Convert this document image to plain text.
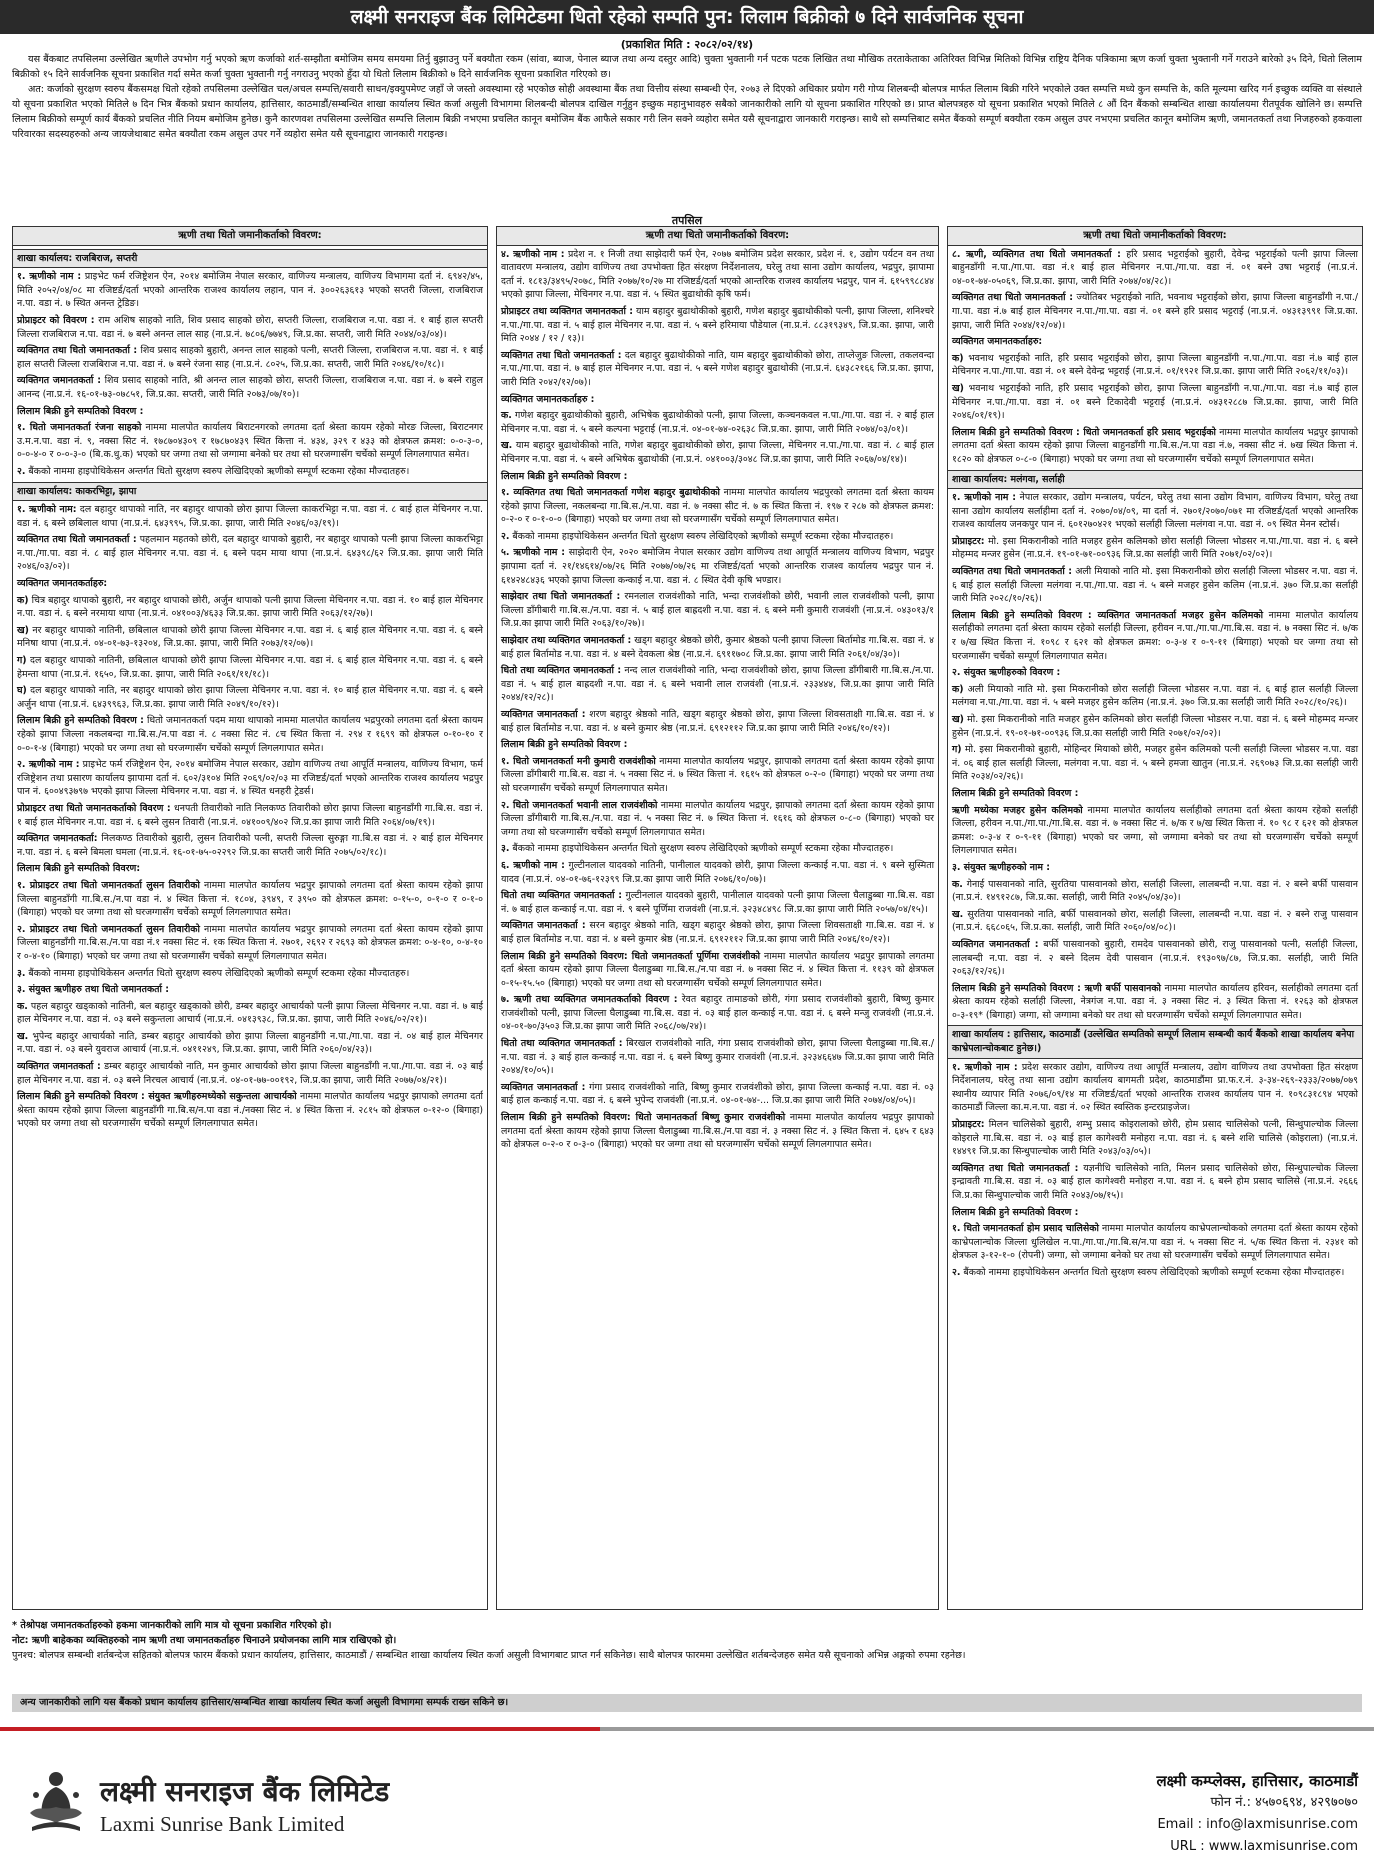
लक्ष्मी सनराइज बैंक लिमिटेडमा धितो रहेको सम्पति पुन: लिलाम बिक्रीको ७ दिने सार्वजनिक सूचना
(प्रकाशित मिति : २०८२/०२/१४)

यस बैंकबाट तपसिलमा उल्लेखित ऋणीले उपभोग गर्नु भएको ऋण कर्जाको शर्त-सम्झौता बमोजिम समय समयमा तिर्नु बुझाउनु पर्ने बक्यौता रकम (सांवा, ब्याज, पेनाल ब्याज तथा अन्य दस्तुर आदि) चुक्ता भुक्तानी गर्न पटक पटक लिखित तथा मौखिक तरताकेताका अतिरिक्त विभिन्न मितिको विभिन्न राष्ट्रिय दैनिक पत्रिकामा ऋण कर्जा चुक्ता भुक्तानी गर्ने गराउने बारेको ३५ दिने, धितो लिलाम बिक्रीको १५ दिने सार्वजनिक सूचना प्रकाशित गर्दा समेत कर्जा चुक्ता भुक्तानी गर्नु नगराउनु भएको हुँदा यो धितो लिलाम बिक्रीको ७ दिने सार्वजनिक सूचना प्रकाशित गरिएको छ।

अत: कर्जाको सुरक्षण स्वरुप बैंकसमक्ष धितो रहेको तपसिलमा उल्लेखित चल/अचल सम्पत्ति/सवारी साधन/इक्युपमेण्ट जहाँ जे जस्तो अवस्थामा रहे भएकोछ सोही अवस्थामा बैंक तथा वित्तीय संस्था सम्बन्धी ऐन, २०७३ ले दिएको अधिकार प्रयोग गरी गोप्य शिलबन्दी बोलपत्र मार्फत लिलाम बिक्री गरिने भएकोले उक्त सम्पत्ति मध्ये कुन सम्पत्ति के, कति मूल्यमा खरिद गर्न इच्छुक व्यक्ति वा संस्थाले यो सूचना प्रकाशित भएको मितिले ७ दिन भित्र बैंकको प्रधान कार्यालय, हात्तिसार, काठमाडौं/सम्बन्धित शाखा कार्यालय स्थित कर्जा असुली विभागमा शिलबन्दी बोलपत्र दाखिल गर्नुहुन इच्छुक महानुभावहरु सबैको जानकारीको लागि यो सूचना प्रकाशित गरिएको छ। प्राप्त बोलपत्रहरु यो सूचना प्रकाशित भएको मितिले ८ औं दिन बैंकको सम्बन्धित शाखा कार्यालयमा रीतपूर्वक खोलिने छ। सम्पत्ति लिलाम बिक्रीको सम्पूर्ण कार्य बैंकको प्रचलित नीति नियम बमोजिम हुनेछ। कुनै कारणवश तपसिलमा उल्लेखित सम्पत्ति लिलाम बिक्री नभएमा प्रचलित कानून बमोजिम बैंक आफैले सकार गरी लिन सक्ने व्यहोरा समेत यसै सूचनाद्वारा जानकारी गराइन्छ। साथै सो सम्पत्तिबाट समेत बैंकको सम्पूर्ण बक्यौता रकम असुल उपर नभएमा प्रचलित कानून बमोजिम ऋणी, जमानतकर्ता तथा निजहरुको हकवाला परिवारका सदस्यहरुको अन्य जायजेथाबाट समेत बक्यौता रकम असुल उपर गर्ने व्यहोरा समेत यसै सूचनाद्वारा जानकारी गराइन्छ।

तपसिल
ऋणी तथा धितो जमानीकर्ताको विवरण:
शाखा कार्यालय: राजबिराज, सप्तरी
१. ऋणीको नाम : प्राइभेट फर्म रजिष्ट्रेशन ऐन, २०१४ बमोजिम नेपाल सरकार, वाणिज्य मन्त्रालय, वाणिज्य विभागमा दर्ता नं. ६९४२/४५, मिति २०५२/०४/०८ मा रजिष्टर्ड/दर्ता भएको आन्तरिक राजश्व कार्यालय लहान, पान नं. ३००२६३६१३ भएको सप्तरी जिल्ला, राजबिराज न.पा. वडा नं. ७ स्थित अनन्त ट्रेडिङ।
प्रोप्राइटर को विवरण : राम अशिष साहको नाति, शिव प्रसाद साहको छोरा, सप्तरी जिल्ला, राजबिराज न.पा. वडा नं. १ बाई हाल सप्तरी जिल्ला राजबिराज न.पा. वडा नं. ७ बस्ने अनन्त लाल साह (ना.प्र.नं. ७८०६/७७४९, जि.प्र.का. सप्तरी, जारी मिति २०४४/०३/०४)।
व्यक्तिगत तथा धितो जमानतकर्ता : शिव प्रसाद साहको बुहारी, अनन्त लाल साहको पत्नी, सप्तरी जिल्ला, राजबिराज न.पा. वडा नं. १ बाई हाल सप्तरी जिल्ला राजबिराज न.पा. वडा नं. ७ बस्ने रंजना साह (ना.प्र.नं. ८०२५, जि.प्र.का. सप्तरी, जारी मिति २०४६/१०/१८)।
व्यक्तिगत जमानतकर्ता : शिव प्रसाद साहको नाति, श्री अनन्त लाल साहको छोरा, सप्तरी जिल्ला, राजबिराज न.पा. वडा नं. ७ बस्ने राहुल आनन्द (ना.प्र.नं. १६-०१-७३-०७८५१, जि.प्र.का. सप्तरी, जारी मिति २०७३/०७/१०)।
लिलाम बिक्री हुने सम्पतिको विवरण :
१. धितो जमानतकर्ता रंजना साहको नाममा मालपोत कार्यालय बिराटनगरको लगतमा दर्ता श्रेस्ता कायम रहेको मोरङ जिल्ला, बिराटनगर उ.म.न.पा. वडा नं. ९, नक्सा सिट नं. १७८७०४३०९ र १७८७०४३९ स्थित कित्ता नं. ४३४, ३२९ र ४३३ को क्षेत्रफल क्रमश: ०-०-३-०, ०-०-४-० र ०-०-३-० (बि.क.धु.क) भएको घर जग्गा तथा सो जग्गामा बनेको घर तथा सो घरजग्गासँग चर्चेको सम्पूर्ण लिगलगापात समेत।
२. बैंकको नाममा हाइपोथिकेसन अन्तर्गत धितो सुरक्षण स्वरुप लेखिदिएको ऋणीको सम्पूर्ण स्टकमा रहेका मौज्दातहरु।
शाखा कार्यालय: काकरभिट्टा, झापा
१. ऋणीको नाम: दल बहादुर थापाको नाति, नर बहादुर थापाको छोरा झापा जिल्ला काकरभिट्टा न.पा. वडा नं. ८ बाई हाल मेचिनगर न.पा. वडा नं. ६ बस्ने छबिलाल थापा (ना.प्र.नं. ६४३९९५, जि.प्र.का. झापा, जारी मिति २०४६/०३/१९)।
व्यक्तिगत तथा धितो जमानतकर्ता : पहलमान महतको छोरी, दल बहादुर थापाको बुहारी, नर बहादुर थापाको पत्नी झापा जिल्ला काकरभिट्टा न.पा./गा.पा. वडा नं. ८ बाई हाल मेचिनगर न.पा. वडा नं. ६ बस्ने पदम माया थापा (ना.प्र.नं. ६४३९८/६२ जि.प्र.का. झापा जारी मिति २०४६/०३/०२)।
व्यक्तिगत जमानतकर्ताहरु:
क) चित्र बहादुर थापाको बुहारी, नर बहादुर थापाको छोरी, अर्जुन थापाको पत्नी झापा जिल्ला मेचिनगर न.पा. वडा नं. १० बाई हाल मेचिनगर न.पा. वडा नं. ६ बस्ने नरमाया थापा (ना.प्र.नं. ०४१००३/४६३३ जि.प्र.का. झापा जारी मिति २०६३/१२/२७)।
ख) नर बहादुर थापाको नातिनी, छबिलाल थापाको छोरी झापा जिल्ला मेचिनगर न.पा. वडा नं. ६ बाई हाल मेचिनगर न.पा. वडा नं. ६ बस्ने मनिषा थापा (ना.प्र.नं. ०४-०१-७३-१३२०४, जि.प्र.का. झापा, जारी मिति २०७३/१२/०७)।
ग) दल बहादुर थापाको नातिनी, छबिलाल थापाको छोरी झापा जिल्ला मेचिनगर न.पा. वडा नं. ६ बाई हाल मेचिनगर न.पा. वडा नं. ६ बस्ने हेमन्ता थापा (ना.प्र.नं. १६५०, जि.प्र.का. झापा, जारी मिति २०६१/११/१८)।
घ) दल बहादुर थापाको नाति, नर बहादुर थापाको छोरा झापा जिल्ला मेचिनगर न.पा. वडा नं. १० बाई हाल मेचिनगर न.पा. वडा नं. ६ बस्ने अर्जुन थापा (ना.प्र.नं. ६४३९९६३, जि.प्र.का. झापा जारी मिति २०४९/१०/१२)।
लिलाम बिक्री हुने सम्पतिको विवरण : धितो जमानतकर्ता पदम माया थापाको नाममा मालपोत कार्यालय भद्रपुरको लगतमा दर्ता श्रेस्ता कायम रहेको झापा जिल्ला नकलबन्दा गा.बि.स./न.पा वडा नं. ८ नक्सा सिट नं. ८च स्थित कित्ता नं. २९४ र १६९९ को क्षेत्रफल ०-१०-१० र ०-०-१-४ (बिगाहा) भएको घर जग्गा तथा सो घरजग्गासँग चर्चेको सम्पूर्ण लिगलगापात समेत।
२. ऋणीको नाम : प्राइभेट फर्म रजिष्ट्रेशन ऐन, २०१४ बमोजिम नेपाल सरकार, उद्योग वाणिज्य तथा आपूर्ति मन्त्रालय, वाणिज्य विभाग, फर्म रजिष्ट्रेशन तथा प्रसारण कार्यालय झापामा दर्ता नं. ६०२/३१०४ मिति २०६९/०२/०३ मा रजिष्टर्ड/दर्ता भएको आन्तरिक राजश्व कार्यालय भद्रपुर पान नं. ६००४९३७९७ भएको झापा जिल्ला मेचिनगर न.पा. वडा नं. ४ स्थित धनहरी ट्रेडर्स।
प्रोप्राइटर तथा धितो जमानतकर्ताको विवरण : धनपती तिवारीको नाति निलकण्ठ तिवारीको छोरा झापा जिल्ला बाहुनडाँगी गा.बि.स. वडा नं. १ बाई हाल मेचिनगर न.पा. वडा नं. ६ बस्ने लुसन तिवारी (ना.प्र.नं. ०४१००९/४०२ जि.प्र.का झापा जारी मिति २०६४/०७/१९)।
व्यक्तिगत जमानतकर्ता: निलकण्ठ तिवारीको बुहारी, लुसन तिवारीको पत्नी, सप्तरी जिल्ला सुरुङ्गा गा.बि.स वडा नं. २ बाई हाल मेचिनगर न.पा. वडा नं. ६ बस्ने बिमला घमला (ना.प्र.नं. १६-०१-७५-०२२९२ जि.प्र.का सप्तरी जारी मिति २०७५/०२/१८)।
लिलाम बिक्री हुने सम्पतिको विवरण:
१. प्रोप्राइटर तथा धितो जमानतकर्ता लुसन तिवारीको नाममा मालपोत कार्यालय भद्रपुर झापाको लगतमा दर्ता श्रेस्ता कायम रहेको झापा जिल्ला बाहुनडाँगी गा.बि.स./न.पा वडा नं. ४ स्थित कित्ता नं. १८०४, ३९४९, र ३९५० को क्षेत्रफल क्रमश: ०-१५-०, ०-१-० र ०-१-० (बिगाहा) भएको घर जग्गा तथा सो घरजग्गासँग चर्चेको सम्पूर्ण लिगलगापात समेत।
२. प्रोप्राइटर तथा धितो जमानतकर्ता लुसन तिवारीको नाममा मालपोत कार्यालय भद्रपुर झापाको लगतमा दर्ता श्रेस्ता कायम रहेको झापा जिल्ला बाहुनडाँगी गा.बि.स./न.पा वडा नं.१ नक्सा सिट नं. १क स्थित कित्ता नं. २७०१, २६९२ र २६९३ को क्षेत्रफल क्रमश: ०-४-१०, ०-४-१० र ०-४-१० (बिगाहा) भएको घर जग्गा तथा सो घरजग्गासँग चर्चेको सम्पूर्ण लिगलगापात समेत।
३. बैंकको नाममा हाइपोथिकेसन अन्तर्गत धितो सुरक्षण स्वरुप लेखिदिएको ऋणीको सम्पूर्ण स्टकमा रहेका मौज्दातहरु।
३. संयुक्त ऋणीहरु तथा धितो जमानतकर्ता :
क. पहल बहादुर खड्काको नातिनी, बल बहादुर खड्काको छोरी, डम्बर बहादुर आचार्यको पत्नी झापा जिल्ला मेचिनगर न.पा. वडा नं. ७ बाई हाल मेचिनगर न.पा. वडा नं. ०३ बस्ने सकुन्तला आचार्य (ना.प्र.नं. ०४१३९३८, जि.प्र.का. झापा, जारी मिति २०४६/०२/२१)।
ख. भुपेन्द बहादुर आचार्यको नाति, डम्बर बहादुर आचार्यको छोरा झापा जिल्ला बाहुनडाँगी न.पा./गा.पा. वडा नं. ०४ बाई हाल मेचिनगर न.पा. वडा नं. ०३ बस्ने युवराज आचार्य (ना.प्र.नं. ०४११२४९, जि.प्र.का. झापा, जारी मिति २०६०/०४/२३)।
व्यक्तिगत जमानतकर्ता : डम्बर बहादुर आचार्यको नाति, मन कुमार आचार्यको छोरा झापा जिल्ला बाहुनडाँगी न.पा./गा.पा. वडा नं. ०३ बाई हाल मेचिनगर न.पा. वडा नं. ०३ बस्ने निरचल आचार्य (ना.प्र.नं. ०४-०१-७७-००१९२, जि.प्र.का झापा, जारी मिति २०७७/०४/२१)।
लिलाम बिक्री हुने सम्पतिको विवरण : संयुक्त ऋणीहरुमध्येको सकुन्तला आचार्यको नाममा मालपोत कार्यालय भद्रपुर झापाको लगतमा दर्ता श्रेस्ता कायम रहेको झापा जिल्ला बाहुनडाँगी गा.बि.स/न.पा वडा नं./नक्सा सिट नं. ४ स्थित कित्ता नं. २८१५ को क्षेत्रफल ०-१२-० (बिगाहा) भएको घर जग्गा तथा सो घरजग्गासँग चर्चेको सम्पूर्ण लिगलगापात समेत।
ऋणी तथा धितो जमानीकर्ताको विवरण:
४. ऋणीको नाम : प्रदेश न. १ निजी तथा साझेदारी फर्म ऐन, २०७७ बमोजिम प्रदेश सरकार, प्रदेश नं. १, उद्योग पर्यटन वन तथा वातावरण मन्त्रालय, उद्योग वाणिज्य तथा उपभोक्ता हित संरक्षण निर्देशनालय, घरेलु तथा साना उद्योग कार्यालय, भद्रपुर, झापामा दर्ता नं. १८१३/३४९५/२०७८, मिति २०७७/१०/२७ मा रजिष्टर्ड/दर्ता भएको आन्तरिक राजश्व कार्यालय भद्रपुर, पान नं. ६१५९९८८४४ भएको झापा जिल्ला, मेचिनगर न.पा. वडा नं. ५ स्थित बुढाथोकी कृषि फर्म।
प्रोप्राइटर तथा व्यक्तिगत जमानतकर्ता : याम बहादुर बुढाथोकीको बुहारी, गणेश बहादुर बुढाथोकीको पत्नी, झापा जिल्ला, शनिश्चरे न.पा./गा.पा. वडा नं. ५ बाई हाल मेचिनगर न.पा. वडा नं. ५ बस्ने हरिमाया पौडेयाल (ना.प्र.नं. ८८३१९३४९, जि.प्र.का. झापा, जारी मिति २०४४ / १२ / १३)।
व्यक्तिगत तथा धितो जमानतकर्ता : दल बहादुर बुढाथोकीको नाति, याम बहादुर बुढाथोकीको छोरा, ताप्लेजुङ जिल्ला, तकलवन्दा न.पा./गा.पा. वडा नं. ७ बाई हाल मेचिनगर न.पा. वडा नं. ५ बस्ने गणेश बहादुर बुढाथोकी (ना.प्र.नं. ६४३८२१६६ जि.प्र.का. झापा, जारी मिति २०४२/१२/०७)।
व्यक्तिगत जमानतकर्ताहरु :
क. गणेश बहादुर बुढाथोकीको बुहारी, अभिषेक बुढाथोकीको पत्नी, झापा जिल्ला, कञ्चनकवल न.पा./गा.पा. वडा नं. २ बाई हाल मेचिनगर न.पा. वडा नं. ५ बस्ने कल्पना भट्टराई (ना.प्र.नं. ०४-०१-७४-०२६३८ जि.प्र.का. झापा, जारी मिति २०७४/०३/०१)।
ख. याम बहादुर बुढाथोकीको नाति, गणेश बहादुर बुढाथोकीको छोरा, झापा जिल्ला, मेचिनगर न.पा./गा.पा. वडा नं. ८ बाई हाल मेचिनगर न.पा. वडा नं. ५ बस्ने अभिषेक बुढाथोकी (ना.प्र.नं. ०४१००३/३०४८ जि.प्र.का झापा, जारी मिति २०६७/०४/१४)।
लिलाम बिक्री हुने सम्पतिको विवरण :
१. व्यक्तिगत तथा धितो जमानतकर्ता गणेश बहादुर बुढाथोकीको नाममा मालपोत कार्यालय भद्रपुरको लगतमा दर्ता श्रेस्ता कायम रहेको झापा जिल्ला, नकलबन्दा गा.बि.स./न.पा. वडा नं. ७ नक्सा सीट नं. ७ क स्थित कित्ता नं. १९७ र २८७ को क्षेत्रफल क्रमश: ०-२-० र ०-१-०-० (बिगाहा) भएको घर जग्गा तथा सो घरजग्गासँग चर्चेको सम्पूर्ण लिगलगापात समेत।
२. बैंकको नाममा हाइपोथिकेसन अन्तर्गत धितो सुरक्षण स्वरुप लेखिदिएको ऋणीको सम्पूर्ण स्टकमा रहेका मौज्दातहरु।
५. ऋणीको नाम : साझेदारी ऐन, २०२० बमोजिम नेपाल सरकार उद्योग वाणिज्य तथा आपूर्ति मन्त्रालय वाणिज्य विभाग, भद्रपुर झापामा दर्ता नं. २१/१४६१४/०७/२६ मिति २०७७/०७/२६ मा रजिष्टर्ड/दर्ता भएको आन्तरिक राजश्व कार्यालय भद्रपुर पान नं. ६१४२४८४३६ भएको झापा जिल्ला कन्काई न.पा. वडा नं. ८ स्थित देवी कृषि भण्डार।
साझेदार तथा धितो जमानतकर्ता : रमनलाल राजवंशीको नाति, भन्दा राजवंशीको छोरी, भवानी लाल राजवंशीको पत्नी, झापा जिल्ला डाँगीबारी गा.बि.स./न.पा. वडा नं. ५ बाई हाल बाह्रदशी न.पा. वडा नं. ६ बस्ने मनी कुमारी राजवंशी (ना.प्र.नं. ०४३०१३/१ जि.प्र.का झापा जारी मिति २०६३/१०/२७)।
साझेदार तथा व्यक्तिगत जमानतकर्ता : खड्ग बहादुर श्रेष्ठको छोरी, कुमार श्रेष्ठको पत्नी झापा जिल्ला बिर्तामोड गा.बि.स. वडा नं. ४ बाई हाल बिर्तामोड न.पा. वडा नं. ४ बस्ने देवकला श्रेष्ठ (ना.प्र.नं. ६९११७०८ जि.प्र.का. झापा जारी मिति २०६१/०४/३०)।
धितो तथा व्यक्तिगत जमानतकर्ता : नन्द लाल राजवंशीको नाति, भन्दा राजवंशीको छोरा, झापा जिल्ला डाँगीबारी गा.बि.स./न.पा. वडा नं. ५ बाई हाल बाह्रदशी न.पा. वडा नं. ६ बस्ने भवानी लाल राजवंशी (ना.प्र.नं. २३३४४४, जि.प्र.का झापा जारी मिति २०४४/१२/२८)।
व्यक्तिगत जमानतकर्ता : शरण बहादुर श्रेष्ठको नाति, खड्ग बहादुर श्रेष्ठको छोरा, झापा जिल्ला शिवसताक्षी गा.बि.स. वडा नं. ४ बाई हाल बिर्तामोड न.पा. वडा नं. ४ बस्ने कुमार श्रेष्ठ (ना.प्र.नं. ६९१२११२ जि.प्र.का झापा जारी मिति २०४६/१०/१२)।
लिलाम बिक्री हुने सम्पतिको विवरण :
१. धितो जमानतकर्ता मनी कुमारी राजवंशीको नाममा मालपोत कार्यालय भद्रपुर, झापाको लगतमा दर्ता श्रेस्ता कायम रहेको झापा जिल्ला डाँगीबारी गा.बि.स. वडा नं. ५ नक्सा सिट नं. ७ स्थित कित्ता नं. १६१५ को क्षेत्रफल ०-२-० (बिगाहा) भएको घर जग्गा तथा सो घरजग्गासँग चर्चेको सम्पूर्ण लिगलगापात समेत।
२. धितो जमानतकर्ता भवानी लाल राजवंशीको नाममा मालपोत कार्यालय भद्रपुर, झापाको लगतमा दर्ता श्रेस्ता कायम रहेको झापा जिल्ला डाँगीबारी गा.बि.स./न.पा. वडा नं. ५ नक्सा सिट नं. ७ स्थित कित्ता नं. १६१६ को क्षेत्रफल ०-८-० (बिगाहा) भएको घर जग्गा तथा सो घरजग्गासँग चर्चेको सम्पूर्ण लिगलगापात समेत।
३. बैंकको नाममा हाइपोथिकेसन अन्तर्गत धितो सुरक्षण स्वरुप लेखिदिएको ऋणीको सम्पूर्ण स्टकमा रहेका मौज्दातहरु।
६. ऋणीको नाम : गुल्टीनलाल यादवको नातिनी, पानीलाल यादवको छोरी, झापा जिल्ला कन्काई न.पा. वडा नं. ९ बस्ने सुस्मिता यादव (ना.प्र.नं. ०४-०१-७६-१२३९९ जि.प्र.का झापा जारी मिति २०७६/१०/०७)।
धितो तथा व्यक्तिगत जमानतकर्ता : गुल्टीनलाल यादवको बुहारी, पानीलाल यादवको पत्नी झापा जिल्ला घैलाडुब्बा गा.बि.स. वडा नं. ७ बाई हाल कन्काई न.पा. वडा नं. ९ बस्ने पूर्णिमा राजवंशी (ना.प्र.नं. ३२३४८४९८ जि.प्र.का झापा जारी मिति २०५७/०४/१५)।
व्यक्तिगत जमानतकर्ता : सरन बहादुर श्रेष्ठको नाति, खड्ग बहादुर श्रेष्ठको छोरा, झापा जिल्ला शिवसताक्षी गा.बि.स. वडा नं. ४ बाई हाल बिर्तामोड न.पा. वडा नं. ४ बस्ने कुमार श्रेष्ठ (ना.प्र.नं. ६९१२११२ जि.प्र.का झापा जारी मिति २०४६/१०/१२)।
लिलाम बिक्री हुने सम्पतिको विवरण: धितो जमानतकर्ता पूर्णिमा राजवंशीको नाममा मालपोत कार्यालय भद्रपुर झापाको लगतमा दर्ता श्रेस्ता कायम रहेको झापा जिल्ला घैलाडुब्बा गा.बि.स./न.पा वडा नं. ७ नक्सा सिट नं. ४ स्थित कित्ता नं. ११३९ को क्षेत्रफल ०-१५-१५.५० (बिगाहा) भएको घर जग्गा तथा सो घरजग्गासँग चर्चेको सम्पूर्ण लिगलगापात समेत।
७. ऋणी तथा व्यक्तिगत जमानतकर्ताको विवरण : रेवत बहादुर तामाङको छोरी, गंगा प्रसाद राजवंशीको बुहारी, बिष्णु कुमार राजवंशीको पत्नी, झापा जिल्ला घैलाडुब्बा गा.बि.स. वडा नं. ०३ बाई हाल कन्काई न.पा. वडा नं. ६ बस्ने मन्जु राजवंशी (ना.प्र.नं. ०४-०१-७०/३५०३ जि.प्र.का झापा जारी मिति २०६८/०७/२४)।
धितो तथा व्यक्तिगत जमानतकर्ता : बिरखल राजवंशीको नाति, गंगा प्रसाद राजवंशीको छोरा, झापा जिल्ला घैलाडुब्बा गा.बि.स./न.पा. वडा नं. ३ बाई हाल कन्काई न.पा. वडा नं. ६ बस्ने बिष्णु कुमार राजवंशी (ना.प्र.नं. ३२३४६६४७ जि.प्र.का झापा जारी मिति २०४४/१०/०५)।
व्यक्तिगत जमानतकर्ता : गंगा प्रसाद राजवंशीको नाति, बिष्णु कुमार राजवंशीको छोरा, झापा जिल्ला कन्काई न.पा. वडा नं. ०३ बाई हाल कन्काई न.पा. वडा नं. ६ बस्ने भुपेन्द राजवंशी (ना.प्र.नं. ०४-०१-७४-... जि.प्र.का झापा जारी मिति २०७४/०४/०५)।
लिलाम बिक्री हुने सम्पतिको विवरण: धितो जमानतकर्ता बिष्णु कुमार राजवंशीको नाममा मालपोत कार्यालय भद्रपुर झापाको लगतमा दर्ता श्रेस्ता कायम रहेको झापा जिल्ला घैलाडुब्बा गा.बि.स./न.पा वडा नं. ३ नक्सा सिट नं. ३ स्थित कित्ता नं. ६४५ र ६४३ को क्षेत्रफल ०-२-० र ०-३-० (बिगाहा) भएको घर जग्गा तथा सो घरजग्गासँग चर्चेको सम्पूर्ण लिगलगापात समेत।
ऋणी तथा धितो जमानीकर्ताको विवरण:
८. ऋणी, व्यक्तिगत तथा धितो जमानतकर्ता : हरि प्रसाद भट्टराईको बुहारी, देवेन्द्र भट्टराईको पत्नी झापा जिल्ला बाहुनडाँगी न.पा./गा.पा. वडा नं.१ बाई हाल मेचिनगर न.पा./गा.पा. वडा नं. ०१ बस्ने उषा भट्टराई (ना.प्र.नं. ०४-०१-७४-०५०६९, जि.प्र.का. झापा, जारी मिति २०७४/०४/२८)।
व्यक्तिगत तथा धितो जमानतकर्ता : ज्योतिबर भट्टराईको नाति, भवनाथ भट्टराईको छोरा, झापा जिल्ला बाहुनडाँगी न.पा./गा.पा. वडा नं.७ बाई हाल मेचिनगर न.पा./गा.पा. वडा नं. ०१ बस्ने हरि प्रसाद भट्टराई (ना.प्र.नं. ०४३१३९९१ जि.प्र.का. झापा, जारी मिति २०४४/१२/०४)।
व्यक्तिगत जमानतकर्ताहरु:
क) भवनाथ भट्टराईको नाति, हरि प्रसाद भट्टराईको छोरा, झापा जिल्ला बाहुनडाँगी न.पा./गा.पा. वडा नं.७ बाई हाल मेचिनगर न.पा./गा.पा. वडा नं. ०१ बस्ने देवेन्द्र भट्टराई (ना.प्र.नं. ०१/१९२१ जि.प्र.का. झापा जारी मिति २०६२/११/०३)।
ख) भवनाथ भट्टराईको नाति, हरि प्रसाद भट्टराईको छोरा, झापा जिल्ला बाहुनडाँगी न.पा./गा.पा. वडा नं.७ बाई हाल मेचिनगर न.पा./गा.पा. वडा नं. ०१ बस्ने टिकादेवी भट्टराई (ना.प्र.नं. ०४३१२८८७ जि.प्र.का. झापा, जारी मिति २०४६/०१/१९)।
लिलाम बिक्री हुने सम्पतिको विवरण : धितो जमानतकर्ता हरि प्रसाद भट्टराईको नाममा मालपोत कार्यालय भद्रपुर झापाको लगतमा दर्ता श्रेस्ता कायम रहेको झापा जिल्ला बाहुनडाँगी गा.बि.स./न.पा वडा नं.७, नक्सा सीट नं. ७ख स्थित कित्ता नं. १८२० को क्षेत्रफल ०-८-० (बिगाहा) भएको घर जग्गा तथा सो घरजग्गासँग चर्चेको सम्पूर्ण लिगलगापात समेत।
शाखा कार्यालय: मलंगवा, सर्लाही
१. ऋणीको नाम : नेपाल सरकार, उद्योग मन्त्रालय, पर्यटन, घरेलु तथा साना उद्योग विभाग, वाणिज्य विभाग, घरेलु तथा साना उद्योग कार्यालय सर्लाहीमा दर्ता नं. २०७०/०४/०९, मा दर्ता नं. २७०१/२०७०/०७१ मा रजिष्टर्ड/दर्ता भएको आन्तरिक राजश्व कार्यालय जनकपुर पान नं. ६०१२७०४२१ भएको सर्लाही जिल्ला मलंगवा न.पा. वडा नं. ०९ स्थित मेनन स्टोर्स।
प्रोप्राइटर: मो. इसा मिकरानीको नाति मजहर हुसेन कलिमको छोरा सर्लाही जिल्ला भोडसर न.पा./गा.पा. वडा नं. ६ बस्ने मोहम्मद मन्जर हुसेन (ना.प्र.नं. १९-०१-७१-००९३६ जि.प्र.का सर्लाही जारी मिति २०७१/०२/०२)।
व्यक्तिगत तथा धितो जमानतकर्ता : अली मियाको नाति मो. इसा मिकरानीको छोरा सर्लाही जिल्ला भोडसर न.पा. वडा नं. ६ बाई हाल सर्लाही जिल्ला मलंगवा न.पा./गा.पा. वडा नं. ५ बस्ने मजहर हुसेन कलिम (ना.प्र.नं. ३७० जि.प्र.का सर्लाही जारी मिति २०२८/१०/२६)।
लिलाम बिक्री हुने सम्पतिको विवरण : व्यक्तिगत जमानतकर्ता मजहर हुसेन कलिमको नाममा मालपोत कार्यालय सर्लाहीको लगतमा दर्ता श्रेस्ता कायम रहेको सर्लाही जिल्ला, हरीवन न.पा./गा.पा./गा.बि.स. वडा नं. ७ नक्सा सिट नं. ७/क र ७/ख स्थित कित्ता नं. १०९८ र ६२१ को क्षेत्रफल क्रमश: ०-३-४ र ०-९-११ (बिगाहा) भएको घर जग्गा तथा सो घरजग्गासँग चर्चेको सम्पूर्ण लिगलगापात समेत।
२. संयुक्त ऋणीहरुको विवरण :
क) अली मियाको नाति मो. इसा मिकरानीको छोरा सर्लाही जिल्ला भोडसर न.पा. वडा नं. ६ बाई हाल सर्लाही जिल्ला मलंगवा न.पा./गा.पा. वडा नं. ५ बस्ने मजहर हुसेन कलिम (ना.प्र.नं. ३७० जि.प्र.का सर्लाही जारी मिति २०२८/१०/२६)।
ख) मो. इसा मिकरानीको नाति मजहर हुसेन कलिमको छोरा सर्लाही जिल्ला भोडसर न.पा. वडा नं. ६ बस्ने मोहम्मद मन्जर हुसेन (ना.प्र.नं. १९-०१-७१-००९३६ जि.प्र.का सर्लाही जारी मिति २०७१/०२/०२)।
ग) मो. इसा मिकरानीको बुहारी, मोहिन्दर मियाको छोरी, मजहर हुसेन कलिमको पत्नी सर्लाही जिल्ला भोडसर न.पा. वडा नं. ०६ बाई हाल सर्लाही जिल्ला, मलंगवा न.पा. वडा नं. ५ बस्ने हमजा खातुन (ना.प्र.नं. २६९०७३ जि.प्र.का सर्लाही जारी मिति २०३४/०२/२६)।
लिलाम बिक्री हुने सम्पतिको विवरण :
ऋणी मध्येका मजहर हुसेन कलिमको नाममा मालपोत कार्यालय सर्लाहीको लगतमा दर्ता श्रेस्ता कायम रहेको सर्लाही जिल्ला, हरीवन न.पा./गा.पा./गा.बि.स. वडा नं. ७ नक्सा सिट नं. ७/क र ७/ख स्थित कित्ता नं. १० ९८ र ६२१ को क्षेत्रफल क्रमश: ०-३-४ र ०-९-११ (बिगाहा) भएको घर जग्गा, सो जग्गामा बनेको घर तथा सो घरजग्गासँग चर्चेको सम्पूर्ण लिगलगापात समेत।
३. संयुक्त ऋणीहरुको नाम :
क. गेनाई पासवानको नाति, सुरतिया पासवानको छोरा, सर्लाही जिल्ला, लालबन्दी न.पा. वडा नं. २ बस्ने बर्फी पासवान (ना.प्र.नं. १४९१२८७, जि.प्र.का. सर्लाही, जारी मिति २०४५/०४/३०)।
ख. सुरतिया पासवानको नाति, बर्फी पासवानको छोरा, सर्लाही जिल्ला, लालबन्दी न.पा. वडा नं. २ बस्ने राजु पासवान (ना.प्र.नं. ६६८०६५, जि.प्र.का. सर्लाही, जारी मिति २०६०/०४/०८)।
व्यक्तिगत जमानतकर्ता : बर्फी पासवानको बुहारी, रामदेव पासवानको छोरी, राजु पासवानको पत्नी, सर्लाही जिल्ला, लालबन्दी न.पा. वडा नं. २ बस्ने दिलम देवी पासवान (ना.प्र.नं. १९३०९७/८७, जि.प्र.का. सर्लाही, जारी मिति २०६३/१२/२६)।
लिलाम बिक्री हुने सम्पतिको विवरण : ऋणी बर्फी पासवानको नाममा मालपोत कार्यालय हरिवन, सर्लाहीको लगतमा दर्ता श्रेस्ता कायम रहेको सर्लाही जिल्ला, नेत्रगंज न.पा. वडा नं. ३ नक्सा सिट नं. ३ स्थित कित्ता नं. १२६३ को क्षेत्रफल ०-३-१९* (बिगाहा) जग्गा, सो जग्गामा बनेको घर तथा सो घरजग्गासँग चर्चेको सम्पूर्ण लिगलगापात समेत।
शाखा कार्यालय : हात्तिसार, काठमाडौं (उल्लेखित सम्पतिको सम्पूर्ण लिलाम सम्बन्धी कार्य बैंकको शाखा कार्यालय बनेपा काभ्रेपलान्चोकबाट हुनेछ।)
१. ऋणीको नाम : प्रदेश सरकार उद्योग, वाणिज्य तथा आपूर्ति मन्त्रालय, उद्योग वाणिज्य तथा उपभोक्ता हित संरक्षण निर्देशनालय, घरेलु तथा साना उद्योग कार्यालय बागमती प्रदेश, काठमाडौंमा प्रा.फ.र.नं. ३-३४-२६९-२३३३/२०७७/०७९ स्थानीय व्यापार मिति २०७६/०९/१४ मा रजिष्टर्ड/दर्ता भएको आन्तरिक राजश्व कार्यालय पान नं. १०९८३१८९४ भएको काठमाडौं जिल्ला का.म.न.पा. वडा नं. ०२ स्थित स्वस्तिक इन्टरप्राइजेज।
प्रोप्राइटर: मिलन चालिसेको बुहारी, शम्भु प्रसाद कोइरालाको छोरी, होम प्रसाद चालिसेको पत्नी, सिन्धुपाल्चोक जिल्ला कोइराले गा.बि.स. वडा नं. ०३ बाई हाल कागेश्वरी मनोहरा न.पा. वडा नं. ६ बस्ने शशि चालिसे (कोइराला) (ना.प्र.नं. १४४९१ जि.प्र.का सिन्धुपाल्चोक जारी मिति २०४३/०३/०५)।
व्यक्तिगत तथा धितो जमानतकर्ता : यज्ञनीधि चालिसेको नाति, मिलन प्रसाद चालिसेको छोरा, सिन्धुपाल्चोक जिल्ला इन्द्रावती गा.बि.स. वडा नं. ०३ बाई हाल कागेश्वरी मनोहरा न.पा. वडा नं. ६ बस्ने होम प्रसाद चालिसे (ना.प्र.नं. २६६६ जि.प्र.का सिन्धुपाल्चोक जारी मिति २०४३/०७/१५)।
लिलाम बिक्री हुने सम्पतिको विवरण :
१. धितो जमानतकर्ता होम प्रसाद चालिसेको नाममा मालपोत कार्यालय काभ्रेपलान्चोकको लगतमा दर्ता श्रेस्ता कायम रहेको काभ्रेपलान्चोक जिल्ला धुलिखेल न.पा./गा.पा./गा.बि.स/न.पा वडा नं. ५ नक्सा सिट नं. ५/क स्थित कित्ता नं. २३४१ को क्षेत्रफल ३-१२-१-० (रोपनी) जग्गा, सो जग्गामा बनेको घर तथा सो घरजग्गासँग चर्चेको सम्पूर्ण लिगलगापात समेत।
२. बैंकको नाममा हाइपोथिकेसन अन्तर्गत धितो सुरक्षण स्वरुप लेखिदिएको ऋणीको सम्पूर्ण स्टकमा रहेका मौज्दातहरु।

* तेश्रोपक्ष जमानतकर्ताहरुको हकमा जानकारीको लागि मात्र यो सूचना प्रकाशित गरिएको हो।

नोट: ऋणी बाहेकका व्यक्तिहरुको नाम ऋणी तथा जमानतकर्ताहरु चिनाउने प्रयोजनका लागि मात्र राखिएको हो।

पुनश्च: बोलपत्र सम्बन्धी शर्तबन्देज सहितको बोलपत्र फारम बैंकको प्रधान कार्यालय, हात्तिसार, काठमाडौं / सम्बन्धित शाखा कार्यालय स्थित कर्जा असुली विभागबाट प्राप्त गर्न सकिनेछ। साथै बोलपत्र फारममा उल्लेखित शर्तबन्देजहरु समेत यसै सूचनाको अभिन्न अङ्गको रुपमा रहनेछ।

अन्य जानकारीको लागि यस बैंकको प्रधान कार्यालय हात्तिसार/सम्बन्धित शाखा कार्यालय स्थित कर्जा असुली विभागमा सम्पर्क राख्न सकिने छ।
लक्ष्मी सनराइज बैंक लिमिटेड
Laxmi Sunrise Bank Limited
लक्ष्मी कम्प्लेक्स, हात्तिसार, काठमाडौं
फोन नं.: ४५७०६९४, ४२९७०७०
Email : info@laxmisunrise.com
URL : www.laxmisunrise.com
